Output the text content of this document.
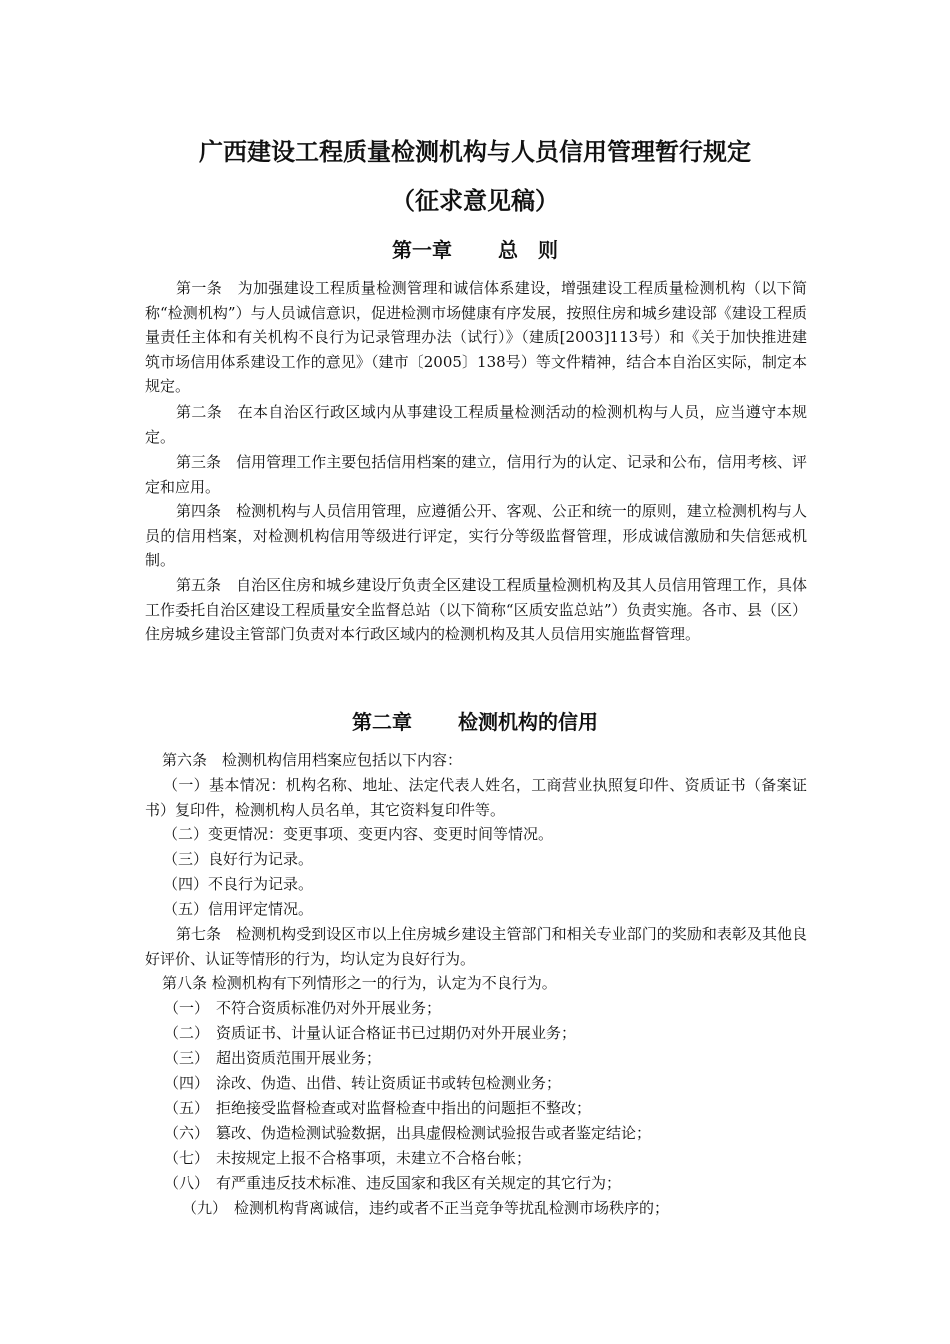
广西建设工程质量检测机构与人员信用管理暂行规定
（征求意见稿）
第一章 总　则

第一条　为加强建设工程质量检测管理和诚信体系建设，增强建设工程质量检测机构（以下简称“检测机构”）与人员诚信意识，促进检测市场健康有序发展，按照住房和城乡建设部《建设工程质量责任主体和有关机构不良行为记录管理办法（试行）》（建质[2003]113号）和《关于加快推进建筑市场信用体系建设工作的意见》（建市〔2005〕138号）等文件精神，结合本自治区实际，制定本规定。

第二条　在本自治区行政区域内从事建设工程质量检测活动的检测机构与人员，应当遵守本规定。

第三条　信用管理工作主要包括信用档案的建立，信用行为的认定、记录和公布，信用考核、评定和应用。

第四条　检测机构与人员信用管理，应遵循公开、客观、公正和统一的原则，建立检测机构与人员的信用档案，对检测机构信用等级进行评定，实行分等级监督管理，形成诚信激励和失信惩戒机制。

第五条　自治区住房和城乡建设厅负责全区建设工程质量检测机构及其人员信用管理工作，具体工作委托自治区建设工程质量安全监督总站（以下简称“区质安监总站”）负责实施。各市、县（区）住房城乡建设主管部门负责对本行政区域内的检测机构及其人员信用实施监督管理。

第二章 检测机构的信用

第六条　检测机构信用档案应包括以下内容：

（一）基本情况：机构名称、地址、法定代表人姓名，工商营业执照复印件、资质证书（备案证书）复印件，检测机构人员名单，其它资料复印件等。

（二）变更情况：变更事项、变更内容、变更时间等情况。

（三）良好行为记录。

（四）不良行为记录。

（五）信用评定情况。

第七条　检测机构受到设区市以上住房城乡建设主管部门和相关专业部门的奖励和表彰及其他良好评价、认证等情形的行为，均认定为良好行为。

第八条 检测机构有下列情形之一的行为，认定为不良行为。

（一） 不符合资质标准仍对外开展业务；

（二） 资质证书、计量认证合格证书已过期仍对外开展业务；

（三） 超出资质范围开展业务；

（四） 涂改、伪造、出借、转让资质证书或转包检测业务；

（五） 拒绝接受监督检查或对监督检查中指出的问题拒不整改；

（六） 篡改、伪造检测试验数据，出具虚假检测试验报告或者鉴定结论；

（七） 未按规定上报不合格事项，未建立不合格台帐；

（八） 有严重违反技术标准、违反国家和我区有关规定的其它行为；

（九） 检测机构背离诚信，违约或者不正当竞争等扰乱检测市场秩序的；
